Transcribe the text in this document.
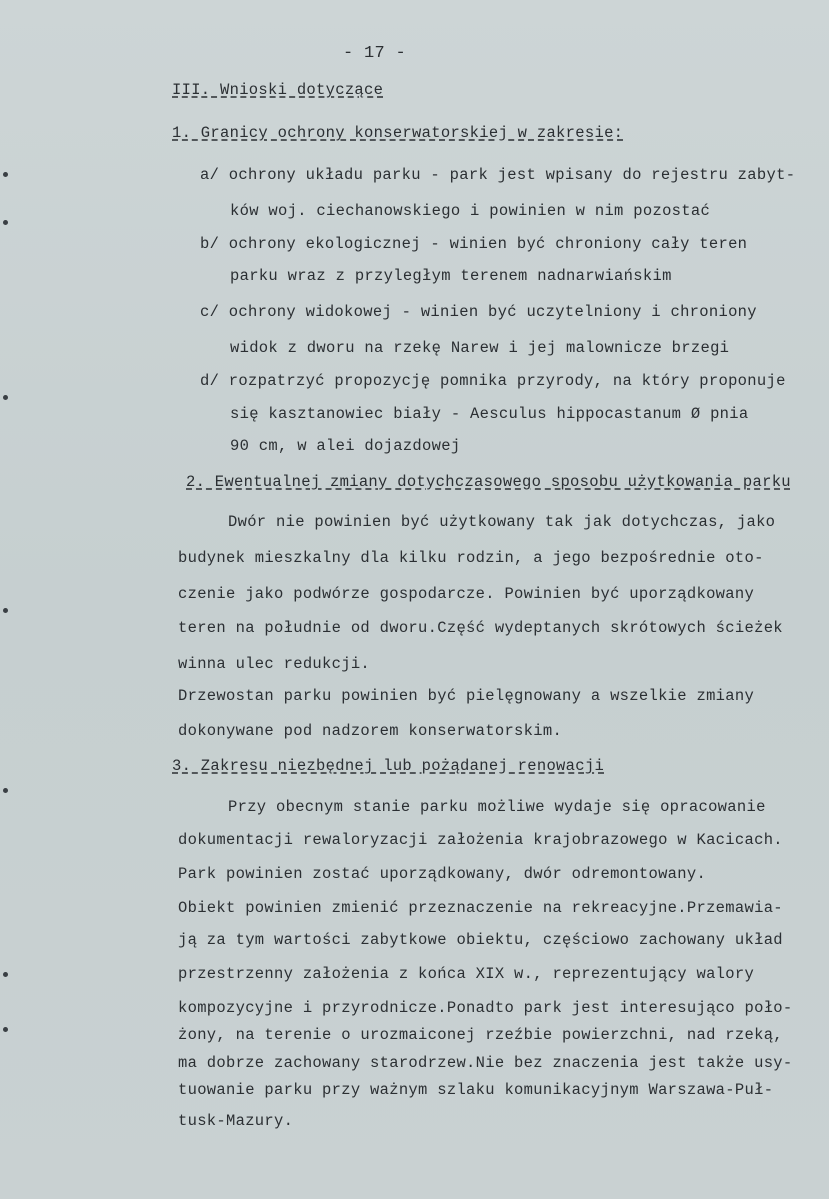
- 17 -
III. Wnioski dotyczące
1. Granicy ochrony konserwatorskiej w zakresie:
a/ ochrony układu parku - park jest wpisany do rejestru zabyt-
ków woj. ciechanowskiego i powinien w nim pozostać
b/ ochrony ekologicznej - winien być chroniony cały teren
parku wraz z przyległym terenem nadnarwiańskim
c/ ochrony widokowej - winien być uczytelniony i chroniony
widok z dworu na rzekę Narew i jej malownicze brzegi
d/ rozpatrzyć propozycję pomnika przyrody, na który proponuje
się kasztanowiec biały - Aesculus hippocastanum Ø pnia
90 cm, w alei dojazdowej
2. Ewentualnej zmiany dotychczasowego sposobu użytkowania parku
Dwór nie powinien być użytkowany tak jak dotychczas, jako
budynek mieszkalny dla kilku rodzin, a jego bezpośrednie oto-
czenie jako podwórze gospodarcze. Powinien być uporządkowany
teren na południe od dworu.Część wydeptanych skrótowych ścieżek
winna ulec redukcji.
Drzewostan parku powinien być pielęgnowany a wszelkie zmiany
dokonywane pod nadzorem konserwatorskim.
3. Zakresu niezbędnej lub pożądanej renowacji
Przy obecnym stanie parku możliwe wydaje się opracowanie
dokumentacji rewaloryzacji założenia krajobrazowego w Kacicach.
Park powinien zostać uporządkowany, dwór odremontowany.
Obiekt powinien zmienić przeznaczenie na rekreacyjne.Przemawia-
ją za tym wartości zabytkowe obiektu, częściowo zachowany układ
przestrzenny założenia z końca XIX w., reprezentujący walory
kompozycyjne i przyrodnicze.Ponadto park jest interesująco poło-
żony, na terenie o urozmaiconej rzeźbie powierzchni, nad rzeką,
ma dobrze zachowany starodrzew.Nie bez znaczenia jest także usy-
tuowanie parku przy ważnym szlaku komunikacyjnym Warszawa-Puł-
tusk-Mazury.
